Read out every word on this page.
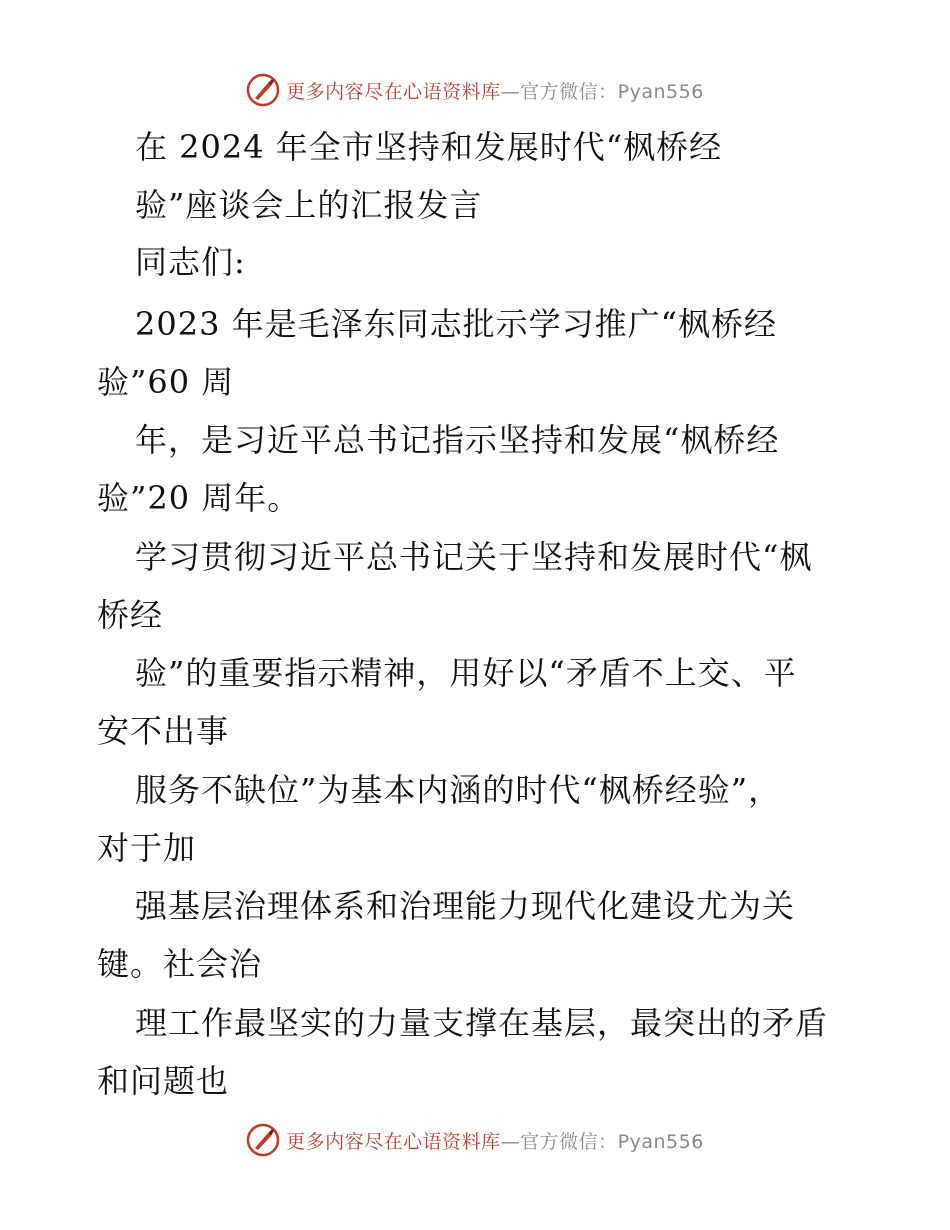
更多内容尽在心语资料库 —官方微信：Pyan556
在 2024 年全市坚持和发展时代“枫桥经
验”座谈会上的汇报发言
同志们:
2023 年是毛泽东同志批示学习推广“枫桥经
验”60 周
年，是习近平总书记指示坚持和发展“枫桥经
验”20 周年。
学习贯彻习近平总书记关于坚持和发展时代“枫
桥经
验”的重要指示精神，用好以“矛盾不上交、平
安不出事
服务不缺位”为基本内涵的时代“枫桥经验”，
对于加
强基层治理体系和治理能力现代化建设尤为关
键。社会治
理工作最坚实的力量支撑在基层，最突出的矛盾
和问题也
更多内容尽在心语资料库 —官方微信：Pyan556
